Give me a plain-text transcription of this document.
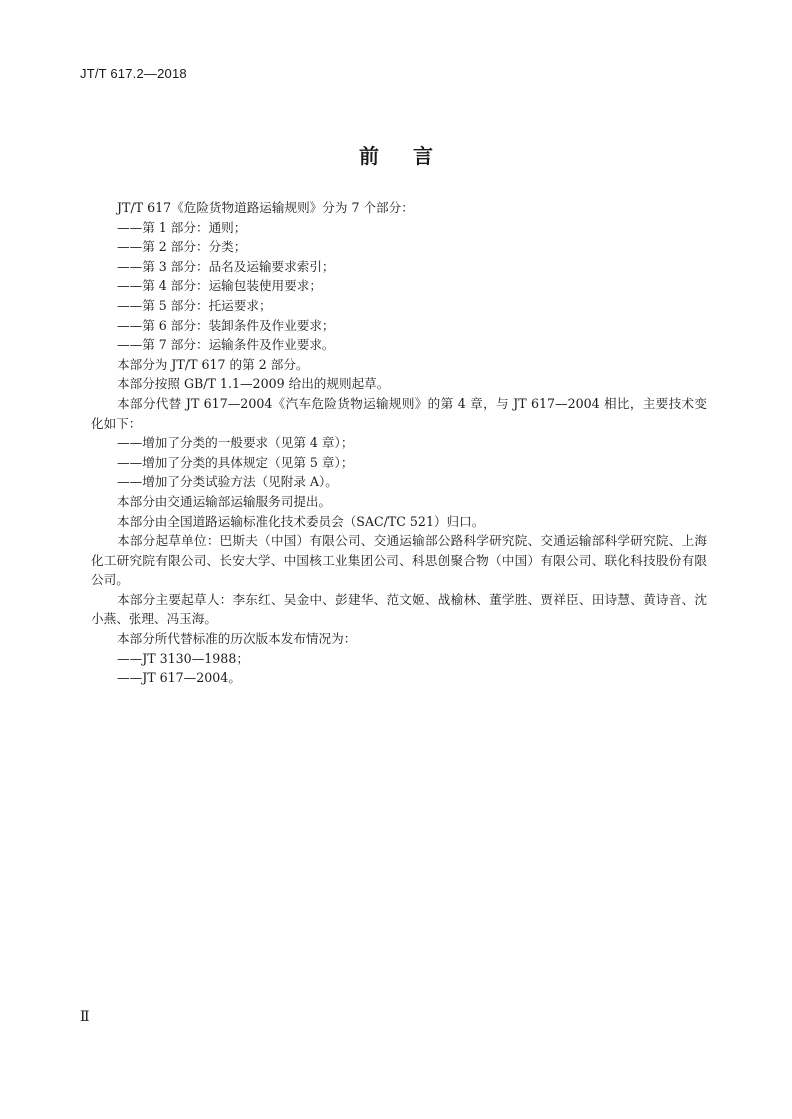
JT/T 617.2—2018
前言

JT/T 617《危险货物道路运输规则》分为 7 个部分：

——第 1 部分：通则；

——第 2 部分：分类；

——第 3 部分：品名及运输要求索引；

——第 4 部分：运输包装使用要求；

——第 5 部分：托运要求；

——第 6 部分：装卸条件及作业要求；

——第 7 部分：运输条件及作业要求。

本部分为 JT/T 617 的第 2 部分。

本部分按照 GB/T 1.1—2009 给出的规则起草。

本部分代替 JT 617—2004《汽车危险货物运输规则》的第 4 章，与 JT 617—2004 相比，主要技术变化如下：

——增加了分类的一般要求（见第 4 章）；

——增加了分类的具体规定（见第 5 章）；

——增加了分类试验方法（见附录 A）。

本部分由交通运输部运输服务司提出。

本部分由全国道路运输标准化技术委员会（SAC/TC 521）归口。

本部分起草单位：巴斯夫（中国）有限公司、交通运输部公路科学研究院、交通运输部科学研究院、上海化工研究院有限公司、长安大学、中国核工业集团公司、科思创聚合物（中国）有限公司、联化科技股份有限公司。

本部分主要起草人：李东红、吴金中、彭建华、范文姬、战榆林、董学胜、贾祥臣、田诗慧、黄诗音、沈小燕、张理、冯玉海。

本部分所代替标准的历次版本发布情况为：

——JT 3130—1988；

——JT 617—2004。

Ⅱ
